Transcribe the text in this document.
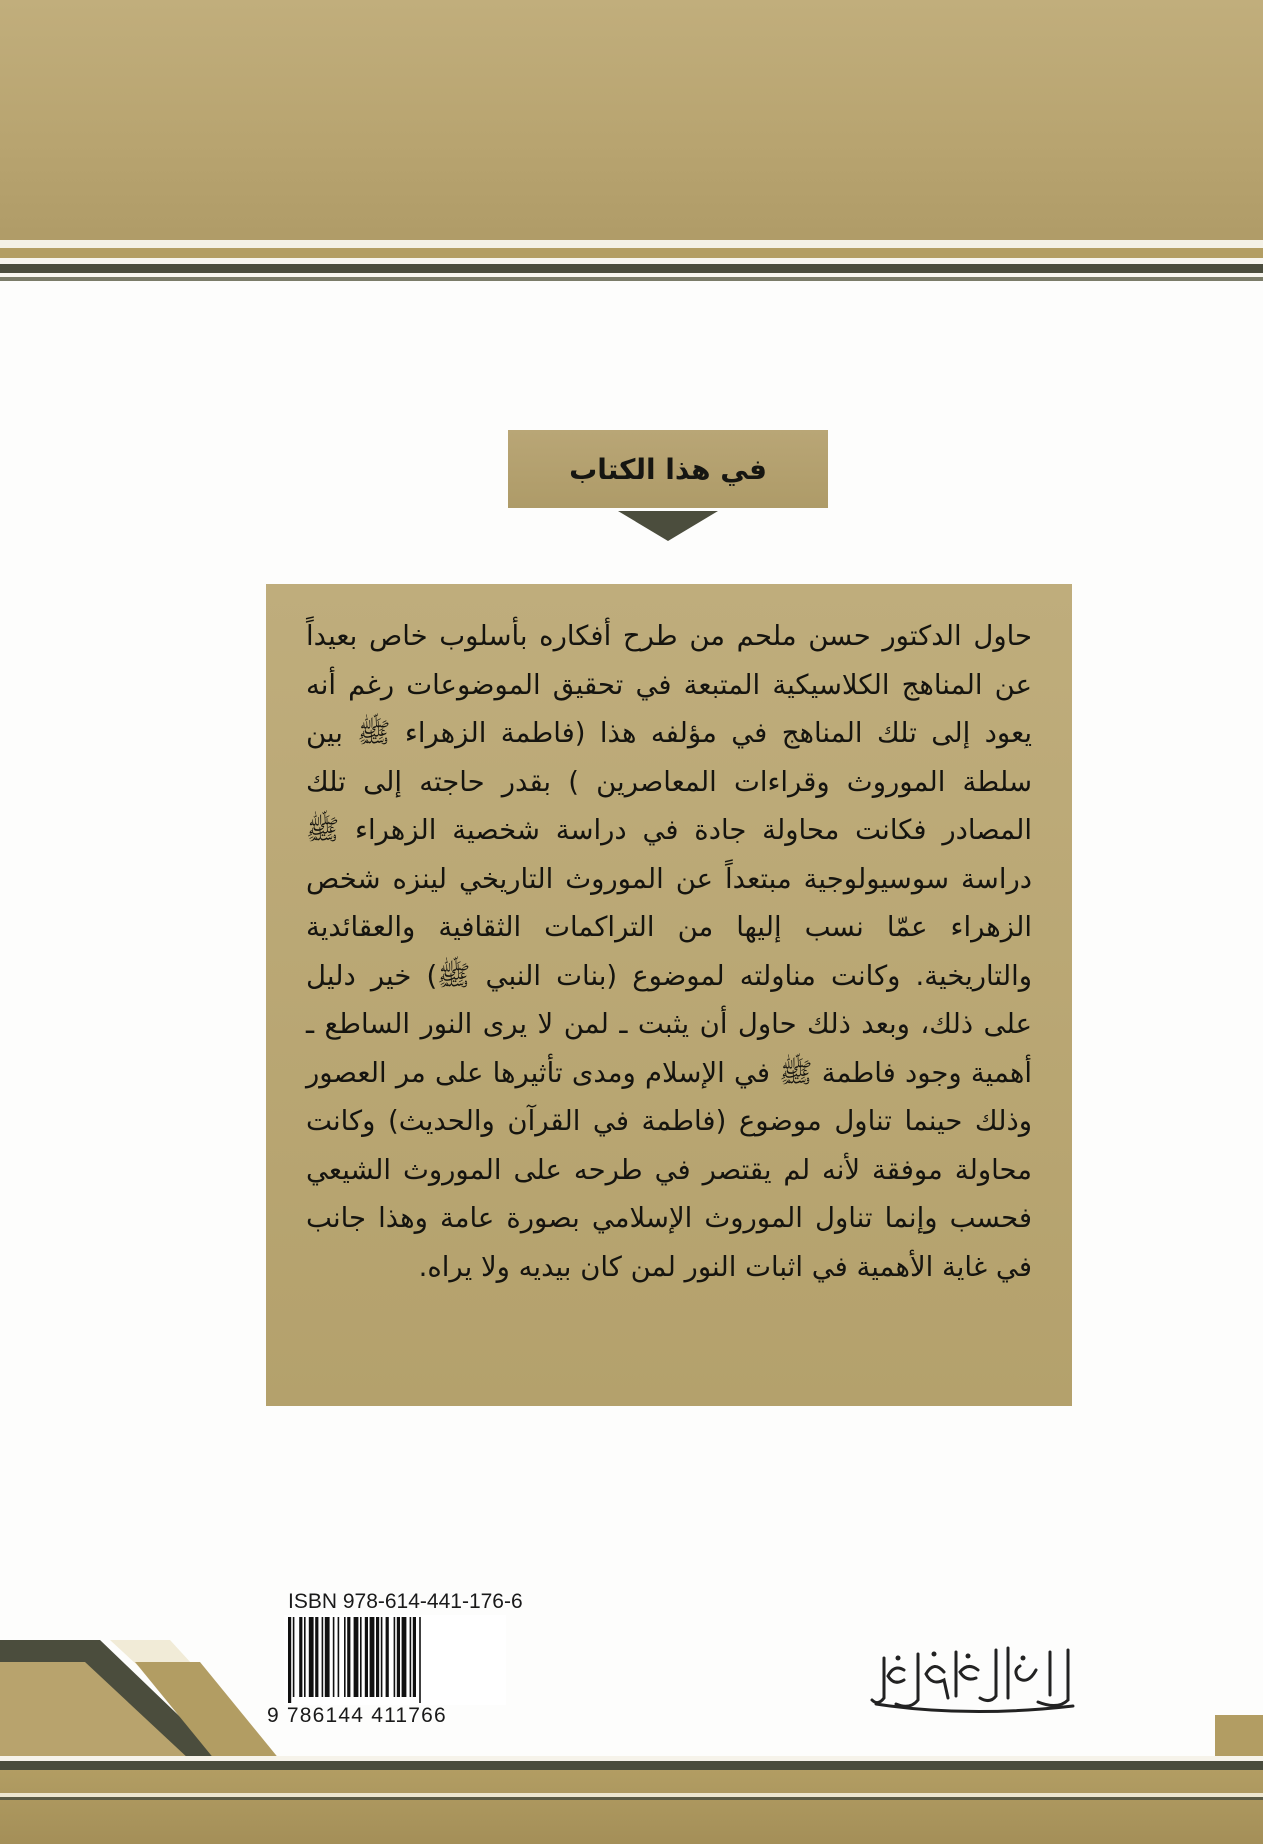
في هذا الكتاب

حاول الدكتور حسن ملحم من طرح أفكاره بأسلوب خاص بعيداً عن المناهج الكلاسيكية المتبعة في تحقيق الموضوعات رغم أنه يعود إلى تلك المناهج في مؤلفه هذا (فاطمة الزهراء ﷺ بين سلطة الموروث وقراءات المعاصرين ) بقدر حاجته إلى تلك المصادر فكانت محاولة جادة في دراسة شخصية الزهراء ﷺ دراسة سوسيولوجية مبتعداً عن الموروث التاريخي لينزه شخص الزهراء عمّا نسب إليها من التراكمات الثقافية والعقائدية والتاريخية. وكانت مناولته لموضوع (بنات النبي ﷺ) خير دليل على ذلك، وبعد ذلك حاول أن يثبت ـ لمن لا يرى النور الساطع ـ أهمية وجود فاطمة ﷺ في الإسلام ومدى تأثيرها على مر العصور وذلك حينما تناول موضوع (فاطمة في القرآن والحديث) وكانت محاولة موفقة لأنه لم يقتصر في طرحه على الموروث الشيعي فحسب وإنما تناول الموروث الإسلامي بصورة عامة وهذا جانب في غاية الأهمية في اثبات النور لمن كان بيديه ولا يراه.

ISBN 978-614-441-176-6
9 786144 411766
